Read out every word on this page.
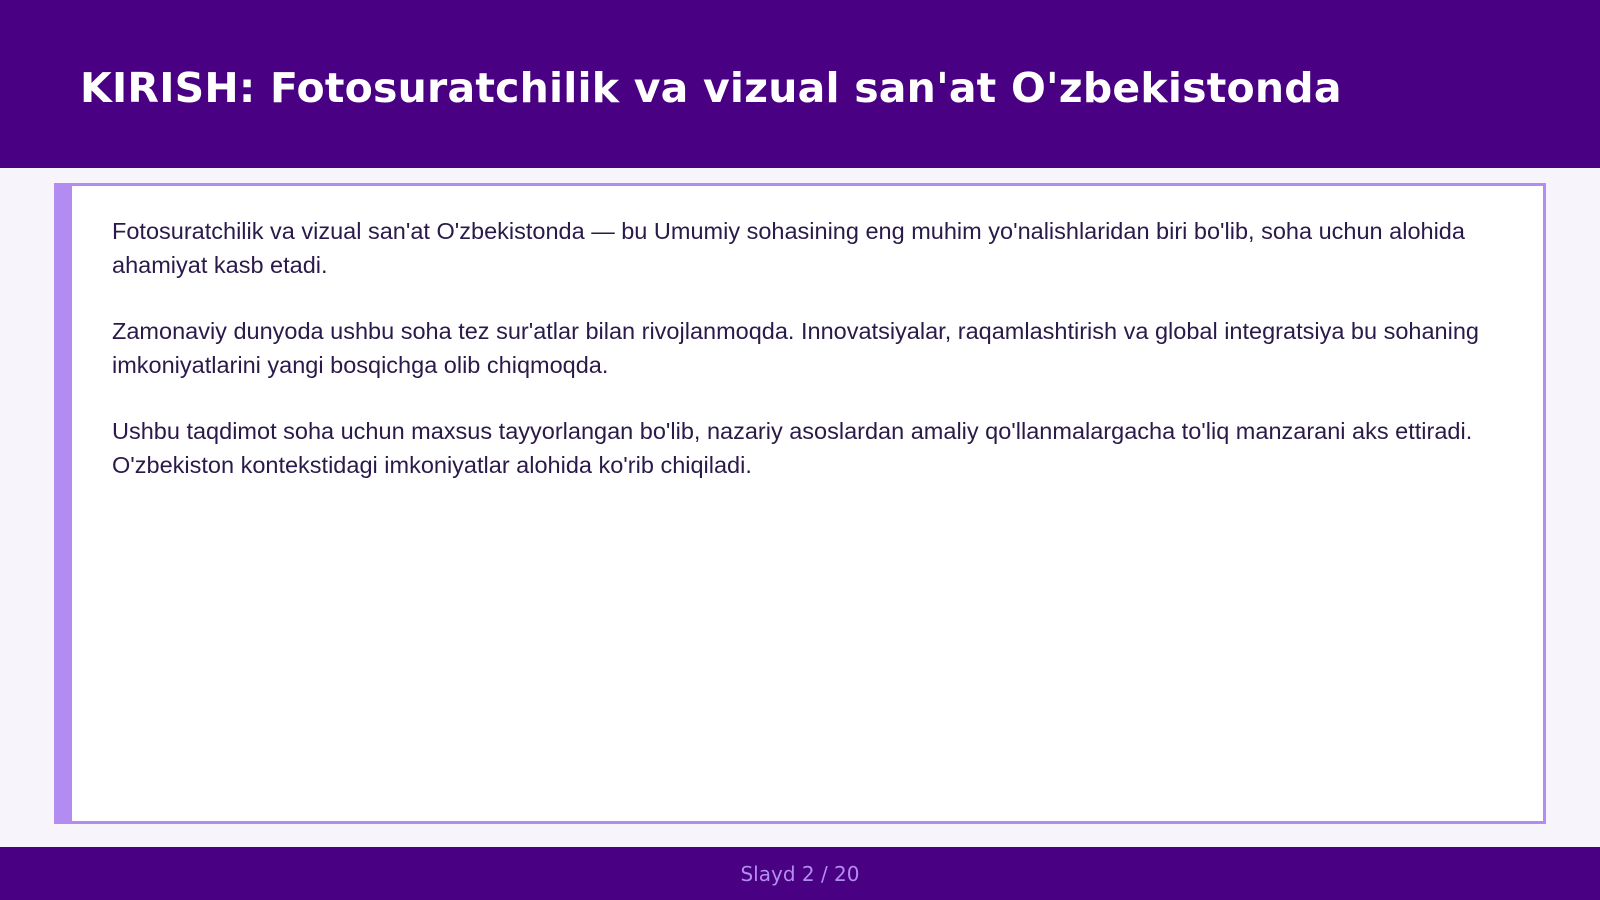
KIRISH: Fotosuratchilik va vizual san'at O'zbekistonda

Fotosuratchilik va vizual san'at O'zbekistonda — bu Umumiy sohasining eng muhim yo'nalishlaridan biri bo'lib, soha uchun alohida ahamiyat kasb etadi.

Zamonaviy dunyoda ushbu soha tez sur'atlar bilan rivojlanmoqda. Innovatsiyalar, raqamlashtirish va global integratsiya bu sohaning imkoniyatlarini yangi bosqichga olib chiqmoqda.

Ushbu taqdimot soha uchun maxsus tayyorlangan bo'lib, nazariy asoslardan amaliy qo'llanmalargacha to'liq manzarani aks ettiradi. O'zbekiston kontekstidagi imkoniyatlar alohida ko'rib chiqiladi.

Slayd 2 / 20
